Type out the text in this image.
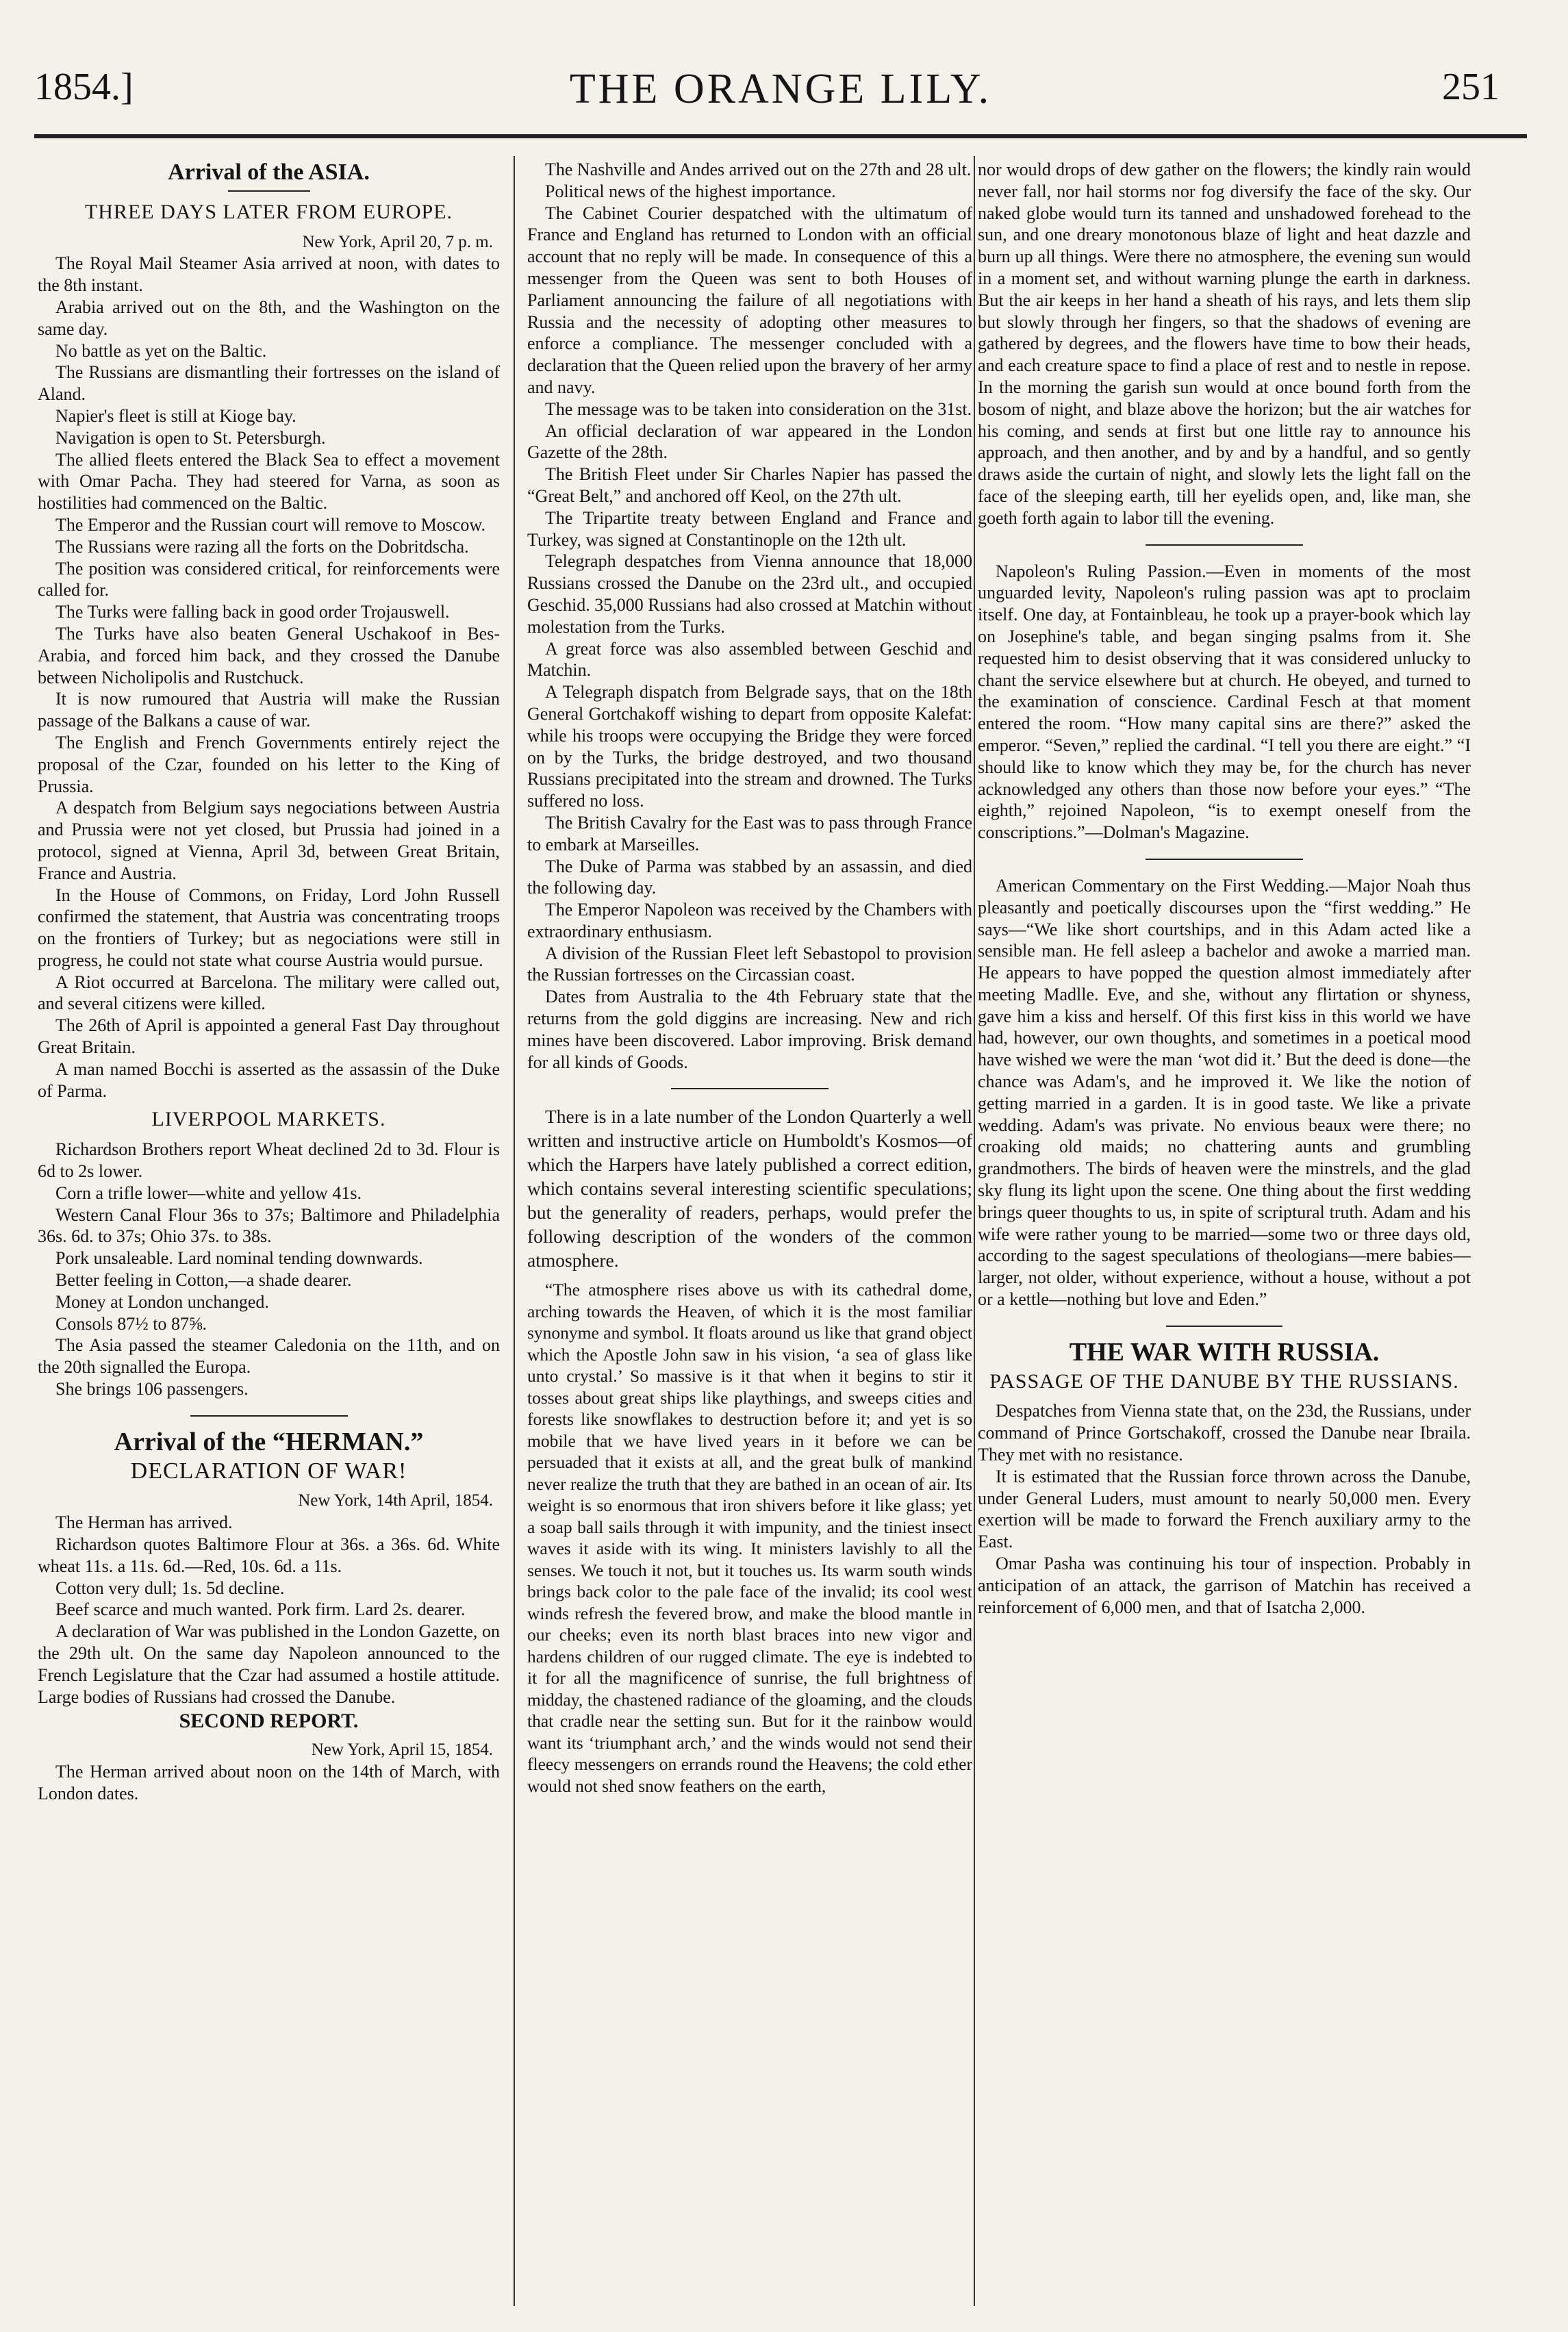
1854.]	THE ORANGE LILY.	251
Arrival of the ASIA.
THREE DAYS LATER FROM EUROPE.
New York, April 20, 7 p. m.

The Royal Mail Steamer Asia arrived at noon, with dates to the 8th instant.

Arabia arrived out on the 8th, and the Washington on the same day.

No battle as yet on the Baltic.

The Russians are dismantling their fortresses on the island of Aland.

Napier's fleet is still at Kioge bay.

Navigation is open to St. Petersburgh.

The allied fleets entered the Black Sea to effect a movement with Omar Pacha. They had steered for Varna, as soon as hostilities had commenced on the Baltic.

The Emperor and the Russian court will remove to Moscow.

The Russians were razing all the forts on the Dobritdscha.

The position was considered critical, for reinforcements were called for.

The Turks were falling back in good order Trojauswell.

The Turks have also beaten General Uschakoof in Bes-Arabia, and forced him back, and they crossed the Danube between Nicholipolis and Rustchuck.

It is now rumoured that Austria will make the Russian passage of the Balkans a cause of war.

The English and French Governments entirely reject the proposal of the Czar, founded on his letter to the King of Prussia.

A despatch from Belgium says negociations between Austria and Prussia were not yet closed, but Prussia had joined in a protocol, signed at Vienna, April 3d, between Great Britain, France and Austria.

In the House of Commons, on Friday, Lord John Russell confirmed the statement, that Austria was concentrating troops on the frontiers of Turkey; but as negociations were still in progress, he could not state what course Austria would pursue.

A Riot occurred at Barcelona. The military were called out, and several citizens were killed.

The 26th of April is appointed a general Fast Day throughout Great Britain.

A man named Bocchi is asserted as the assassin of the Duke of Parma.

LIVERPOOL MARKETS.

Richardson Brothers report Wheat declined 2d to 3d. Flour is 6d to 2s lower.

Corn a trifle lower—white and yellow 41s.

Western Canal Flour 36s to 37s; Baltimore and Philadelphia 36s. 6d. to 37s; Ohio 37s. to 38s.

Pork unsaleable. Lard nominal tending downwards.

Better feeling in Cotton,—a shade dearer.

Money at London unchanged.

Consols 87½ to 87⅝.

The Asia passed the steamer Caledonia on the 11th, and on the 20th signalled the Europa.

She brings 106 passengers.

Arrival of the “HERMAN.”
DECLARATION OF WAR!
New York, 14th April, 1854.

The Herman has arrived.

Richardson quotes Baltimore Flour at 36s. a 36s. 6d. White wheat 11s. a 11s. 6d.—Red, 10s. 6d. a 11s.

Cotton very dull; 1s. 5d decline.

Beef scarce and much wanted. Pork firm. Lard 2s. dearer.

A declaration of War was published in the London Gazette, on the 29th ult. On the same day Napoleon announced to the French Legislature that the Czar had assumed a hostile attitude. Large bodies of Russians had crossed the Danube.

SECOND REPORT.
New York, April 15, 1854.

The Herman arrived about noon on the 14th of March, with London dates.

The Nashville and Andes arrived out on the 27th and 28 ult.

Political news of the highest importance.

The Cabinet Courier despatched with the ultimatum of France and England has returned to London with an official account that no reply will be made. In consequence of this a messenger from the Queen was sent to both Houses of Parliament announcing the failure of all negotiations with Russia and the necessity of adopting other measures to enforce a compliance. The messenger concluded with a declaration that the Queen relied upon the bravery of her army and navy.

The message was to be taken into consideration on the 31st.

An official declaration of war appeared in the London Gazette of the 28th.

The British Fleet under Sir Charles Napier has passed the “Great Belt,” and anchored off Keol, on the 27th ult.

The Tripartite treaty between England and France and Turkey, was signed at Constantinople on the 12th ult.

Telegraph despatches from Vienna announce that 18,000 Russians crossed the Danube on the 23rd ult., and occupied Geschid. 35,000 Russians had also crossed at Matchin without molestation from the Turks.

A great force was also assembled between Geschid and Matchin.

A Telegraph dispatch from Belgrade says, that on the 18th General Gortchakoff wishing to depart from opposite Kalefat: while his troops were occupying the Bridge they were forced on by the Turks, the bridge destroyed, and two thousand Russians precipitated into the stream and drowned. The Turks suffered no loss.

The British Cavalry for the East was to pass through France to embark at Marseilles.

The Duke of Parma was stabbed by an assassin, and died the following day.

The Emperor Napoleon was received by the Chambers with extraordinary enthusiasm.

A division of the Russian Fleet left Sebastopol to provision the Russian fortresses on the Circassian coast.

Dates from Australia to the 4th February state that the returns from the gold diggins are increasing. New and rich mines have been discovered. Labor improving. Brisk demand for all kinds of Goods.

There is in a late number of the London Quarterly a well written and instructive article on Humboldt's Kosmos—of which the Harpers have lately published a correct edition, which contains several interesting scientific speculations; but the generality of readers, perhaps, would prefer the following description of the wonders of the common atmosphere.

“The atmosphere rises above us with its cathedral dome, arching towards the Heaven, of which it is the most familiar synonyme and symbol. It floats around us like that grand object which the Apostle John saw in his vision, ‘a sea of glass like unto crystal.’ So massive is it that when it begins to stir it tosses about great ships like playthings, and sweeps cities and forests like snowflakes to destruction before it; and yet is so mobile that we have lived years in it before we can be persuaded that it exists at all, and the great bulk of mankind never realize the truth that they are bathed in an ocean of air. Its weight is so enormous that iron shivers before it like glass; yet a soap ball sails through it with impunity, and the tiniest insect waves it aside with its wing. It ministers lavishly to all the senses. We touch it not, but it touches us. Its warm south winds brings back color to the pale face of the invalid; its cool west winds refresh the fevered brow, and make the blood mantle in our cheeks; even its north blast braces into new vigor and hardens children of our rugged climate. The eye is indebted to it for all the magnificence of sunrise, the full brightness of midday, the chastened radiance of the gloaming, and the clouds that cradle near the setting sun. But for it the rainbow would want its ‘triumphant arch,’ and the winds would not send their fleecy messengers on errands round the Heavens; the cold ether would not shed snow feathers on the earth,

nor would drops of dew gather on the flowers; the kindly rain would never fall, nor hail storms nor fog diversify the face of the sky. Our naked globe would turn its tanned and unshadowed forehead to the sun, and one dreary monotonous blaze of light and heat dazzle and burn up all things. Were there no atmosphere, the evening sun would in a moment set, and without warning plunge the earth in darkness. But the air keeps in her hand a sheath of his rays, and lets them slip but slowly through her fingers, so that the shadows of evening are gathered by degrees, and the flowers have time to bow their heads, and each creature space to find a place of rest and to nestle in repose. In the morning the garish sun would at once bound forth from the bosom of night, and blaze above the horizon; but the air watches for his coming, and sends at first but one little ray to announce his approach, and then another, and by and by a handful, and so gently draws aside the curtain of night, and slowly lets the light fall on the face of the sleeping earth, till her eyelids open, and, like man, she goeth forth again to labor till the evening.

Napoleon's Ruling Passion.—Even in moments of the most unguarded levity, Napoleon's ruling passion was apt to proclaim itself. One day, at Fontainbleau, he took up a prayer-book which lay on Josephine's table, and began singing psalms from it. She requested him to desist observing that it was considered unlucky to chant the service elsewhere but at church. He obeyed, and turned to the examination of conscience. Cardinal Fesch at that moment entered the room. “How many capital sins are there?” asked the emperor. “Seven,” replied the cardinal. “I tell you there are eight.” “I should like to know which they may be, for the church has never acknowledged any others than those now before your eyes.” “The eighth,” rejoined Napoleon, “is to exempt oneself from the conscriptions.”—Dolman's Magazine.

American Commentary on the First Wedding.—Major Noah thus pleasantly and poetically discourses upon the “first wedding.” He says—“We like short courtships, and in this Adam acted like a sensible man. He fell asleep a bachelor and awoke a married man. He appears to have popped the question almost immediately after meeting Madlle. Eve, and she, without any flirtation or shyness, gave him a kiss and herself. Of this first kiss in this world we have had, however, our own thoughts, and sometimes in a poetical mood have wished we were the man ‘wot did it.’ But the deed is done—the chance was Adam's, and he improved it. We like the notion of getting married in a garden. It is in good taste. We like a private wedding. Adam's was private. No envious beaux were there; no croaking old maids; no chattering aunts and grumbling grandmothers. The birds of heaven were the minstrels, and the glad sky flung its light upon the scene. One thing about the first wedding brings queer thoughts to us, in spite of scriptural truth. Adam and his wife were rather young to be married—some two or three days old, according to the sagest speculations of theologians—mere babies—larger, not older, without experience, without a house, without a pot or a kettle—nothing but love and Eden.”

THE WAR WITH RUSSIA.
PASSAGE OF THE DANUBE BY THE RUSSIANS.

Despatches from Vienna state that, on the 23d, the Russians, under command of Prince Gortschakoff, crossed the Danube near Ibraila. They met with no resistance.

It is estimated that the Russian force thrown across the Danube, under General Luders, must amount to nearly 50,000 men. Every exertion will be made to forward the French auxiliary army to the East.

Omar Pasha was continuing his tour of inspection. Probably in anticipation of an attack, the garrison of Matchin has received a reinforcement of 6,000 men, and that of Isatcha 2,000.
